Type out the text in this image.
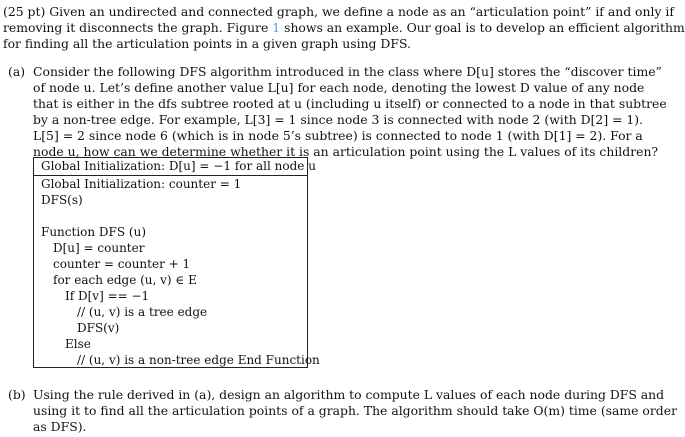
(25 pt) Given an undirected and connected graph, we define a node as an “articulation point” if and only if
removing it disconnects the graph. Figure 1 shows an example. Our goal is to develop an efficient algorithm
for finding all the articulation points in a given graph using DFS.
(a) Consider the following DFS algorithm introduced in the class where D[u] stores the “discover time”
of node u. Let’s define another value L[u] for each node, denoting the lowest D value of any node
that is either in the dfs subtree rooted at u (including u itself) or connected to a node in that subtree
by a non-tree edge. For example, L[3] = 1 since node 3 is connected with node 2 (with D[2] = 1).
L[5] = 2 since node 6 (which is in node 5’s subtree) is connected to node 1 (with D[1] = 2). For a
node u, how can we determine whether it is an articulation point using the L values of its children?
Global Initialization: D[u] = −1 for all node u
Global Initialization: counter = 1
DFS(s)
Function DFS (u)
D[u] = counter
counter = counter + 1
for each edge (u, v) ∈ E
If D[v] == −1
// (u, v) is a tree edge
DFS(v)
Else
// (u, v) is a non-tree edge End Function
(b) Using the rule derived in (a), design an algorithm to compute L values of each node during DFS and
using it to find all the articulation points of a graph. The algorithm should take O(m) time (same order
as DFS).
